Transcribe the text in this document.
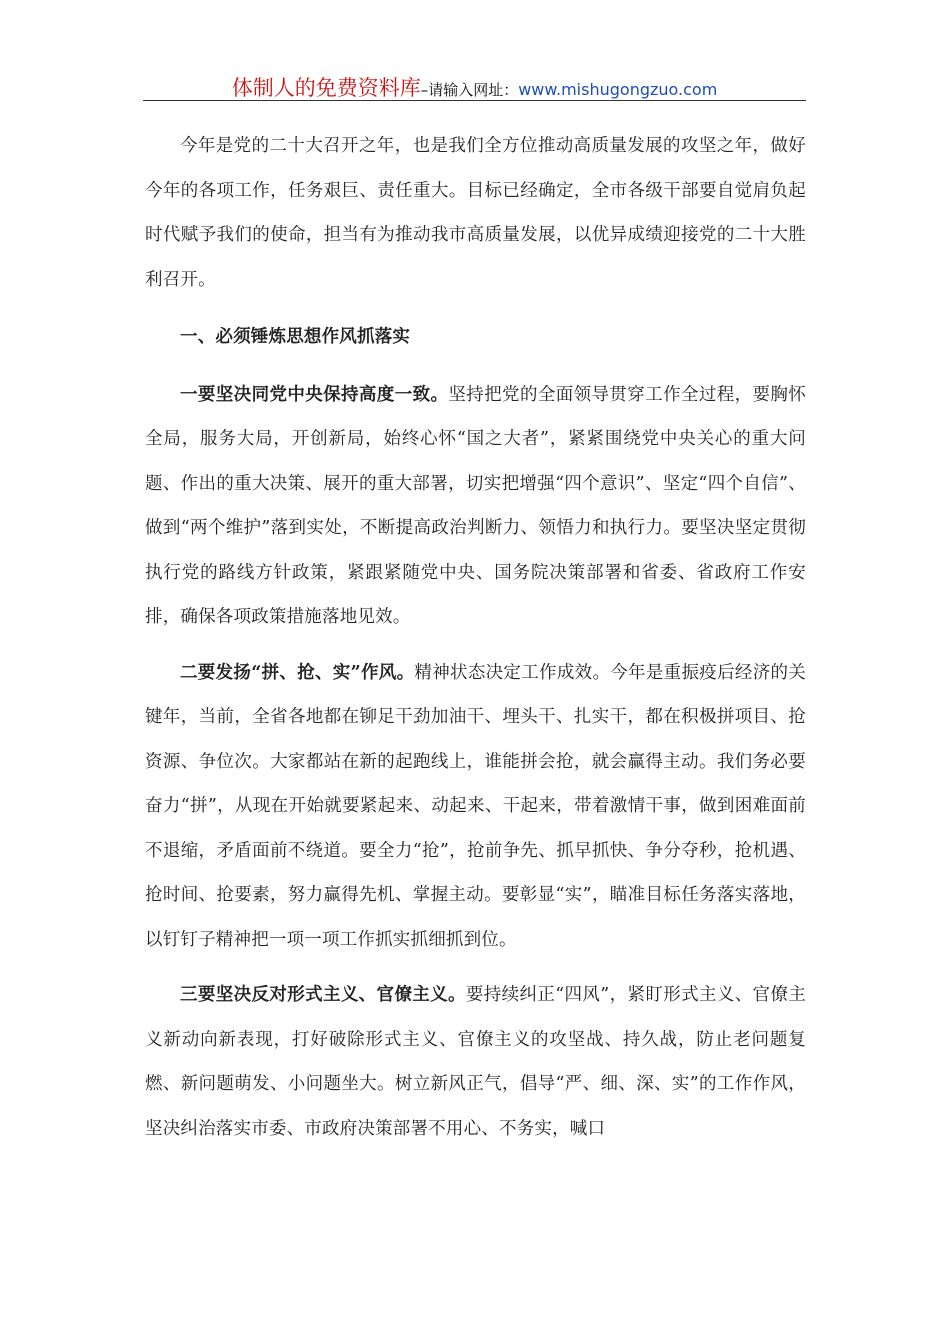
体制人的免费资料库–请输入网址：www.mishugongzuo.com

今年是党的二十大召开之年，也是我们全方位推动高质量发展的攻坚之年，做好今年的各项工作，任务艰巨、责任重大。目标已经确定，全市各级干部要自觉肩负起时代赋予我们的使命，担当有为推动我市高质量发展，以优异成绩迎接党的二十大胜利召开。

一、必须锤炼思想作风抓落实

一要坚决同党中央保持高度一致。坚持把党的全面领导贯穿工作全过程，要胸怀全局，服务大局，开创新局，始终心怀“国之大者”，紧紧围绕党中央关心的重大问题、作出的重大决策、展开的重大部署，切实把增强“四个意识”、坚定“四个自信”、做到“两个维护”落到实处，不断提高政治判断力、领悟力和执行力。要坚决坚定贯彻执行党的路线方针政策，紧跟紧随党中央、国务院决策部署和省委、省政府工作安排，确保各项政策措施落地见效。

二要发扬“拼、抢、实”作风。精神状态决定工作成效。今年是重振疫后经济的关键年，当前，全省各地都在铆足干劲加油干、埋头干、扎实干，都在积极拼项目、抢资源、争位次。大家都站在新的起跑线上，谁能拼会抢，就会赢得主动。我们务必要奋力“拼”，从现在开始就要紧起来、动起来、干起来，带着激情干事，做到困难面前不退缩，矛盾面前不绕道。要全力“抢”，抢前争先、抓早抓快、争分夺秒，抢机遇、抢时间、抢要素，努力赢得先机、掌握主动。要彰显“实”，瞄准目标任务落实落地，以钉钉子精神把一项一项工作抓实抓细抓到位。

三要坚决反对形式主义、官僚主义。要持续纠正“四风”，紧盯形式主义、官僚主义新动向新表现，打好破除形式主义、官僚主义的攻坚战、持久战，防止老问题复燃、新问题萌发、小问题坐大。树立新风正气，倡导“严、细、深、实”的工作作风，坚决纠治落实市委、市政府决策部署不用心、不务实，喊口
